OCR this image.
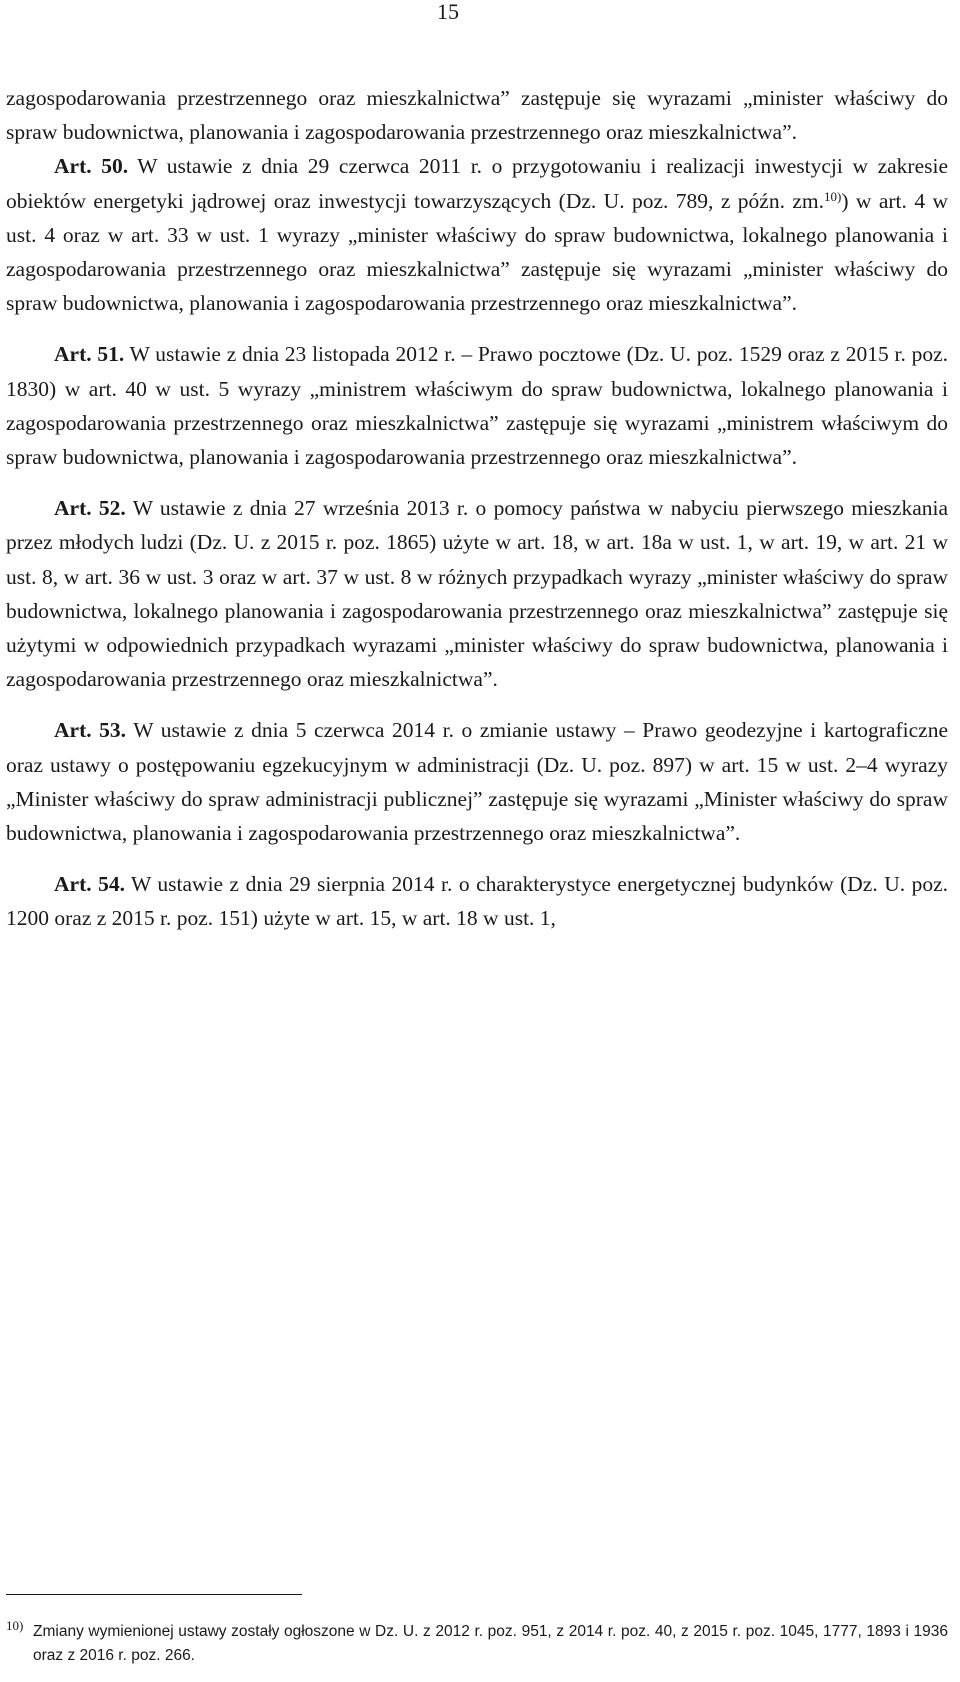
15

zagospodarowania przestrzennego oraz mieszkalnictwa” zastępuje się wyrazami „minister właściwy do spraw budownictwa, planowania i zagospodarowania przestrzennego oraz mieszkalnictwa”.

Art. 50. W ustawie z dnia 29 czerwca 2011 r. o przygotowaniu i realizacji inwestycji w zakresie obiektów energetyki jądrowej oraz inwestycji towarzyszących (Dz. U. poz. 789, z późn. zm.$^{10)}$) w art. 4 w ust. 4 oraz w art. 33 w ust. 1 wyrazy „minister właściwy do spraw budownictwa, lokalnego planowania i zagospodarowania przestrzennego oraz mieszkalnictwa” zastępuje się wyrazami „minister właściwy do spraw budownictwa, planowania i zagospodarowania przestrzennego oraz mieszkalnictwa”.

Art. 51. W ustawie z dnia 23 listopada 2012 r. – Prawo pocztowe (Dz. U. poz. 1529 oraz z 2015 r. poz. 1830) w art. 40 w ust. 5 wyrazy „ministrem właściwym do spraw budownictwa, lokalnego planowania i zagospodarowania przestrzennego oraz mieszkalnictwa” zastępuje się wyrazami „ministrem właściwym do spraw budownictwa, planowania i zagospodarowania przestrzennego oraz mieszkalnictwa”.

Art. 52. W ustawie z dnia 27 września 2013 r. o pomocy państwa w nabyciu pierwszego mieszkania przez młodych ludzi (Dz. U. z 2015 r. poz. 1865) użyte w art. 18, w art. 18a w ust. 1, w art. 19, w art. 21 w ust. 8, w art. 36 w ust. 3 oraz w art. 37 w ust. 8 w różnych przypadkach wyrazy „minister właściwy do spraw budownictwa, lokalnego planowania i zagospodarowania przestrzennego oraz mieszkalnictwa” zastępuje się użytymi w odpowiednich przypadkach wyrazami „minister właściwy do spraw budownictwa, planowania i zagospodarowania przestrzennego oraz mieszkalnictwa”.

Art. 53. W ustawie z dnia 5 czerwca 2014 r. o zmianie ustawy – Prawo geodezyjne i kartograficzne oraz ustawy o postępowaniu egzekucyjnym w administracji (Dz. U. poz. 897) w art. 15 w ust. 2–4 wyrazy „Minister właściwy do spraw administracji publicznej” zastępuje się wyrazami „Minister właściwy do spraw budownictwa, planowania i zagospodarowania przestrzennego oraz mieszkalnictwa”.

Art. 54. W ustawie z dnia 29 sierpnia 2014 r. o charakterystyce energetycznej budynków (Dz. U. poz. 1200 oraz z 2015 r. poz. 151) użyte w art. 15, w art. 18 w ust. 1,

10) Zmiany wymienionej ustawy zostały ogłoszone w Dz. U. z 2012 r. poz. 951, z 2014 r. poz. 40, z 2015 r. poz. 1045, 1777, 1893 i 1936 oraz z 2016 r. poz. 266.
